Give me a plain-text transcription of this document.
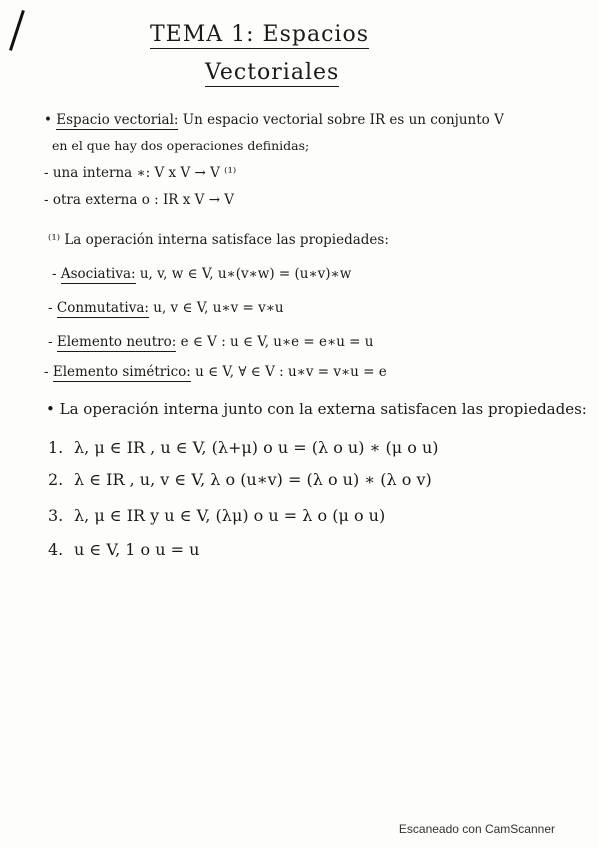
TEMA 1: Espacios
Vectoriales
• Espacio vectorial: Un espacio vectorial sobre IR es un conjunto V
en el que hay dos operaciones definidas;
- una interna ∗: V x V → V ⁽¹⁾
- otra externa o : IR x V → V
⁽¹⁾ La operación interna satisface las propiedades:
- Asociativa: u, v, w ∈ V, u∗(v∗w) = (u∗v)∗w
- Conmutativa: u, v ∈ V, u∗v = v∗u
- Elemento neutro: e ∈ V : u ∈ V, u∗e = e∗u = u
- Elemento simétrico: u ∈ V, ∀ ∈ V : u∗v = v∗u = e
• La operación interna junto con la externa satisfacen las propiedades:
1. λ, μ ∈ IR , u ∈ V, (λ+μ) o u = (λ o u) ∗ (μ o u)
2. λ ∈ IR , u, v ∈ V, λ o (u∗v) = (λ o u) ∗ (λ o v)
3. λ, μ ∈ IR y u ∈ V, (λμ) o u = λ o (μ o u)
4. u ∈ V, 1 o u = u
Escaneado con CamScanner
